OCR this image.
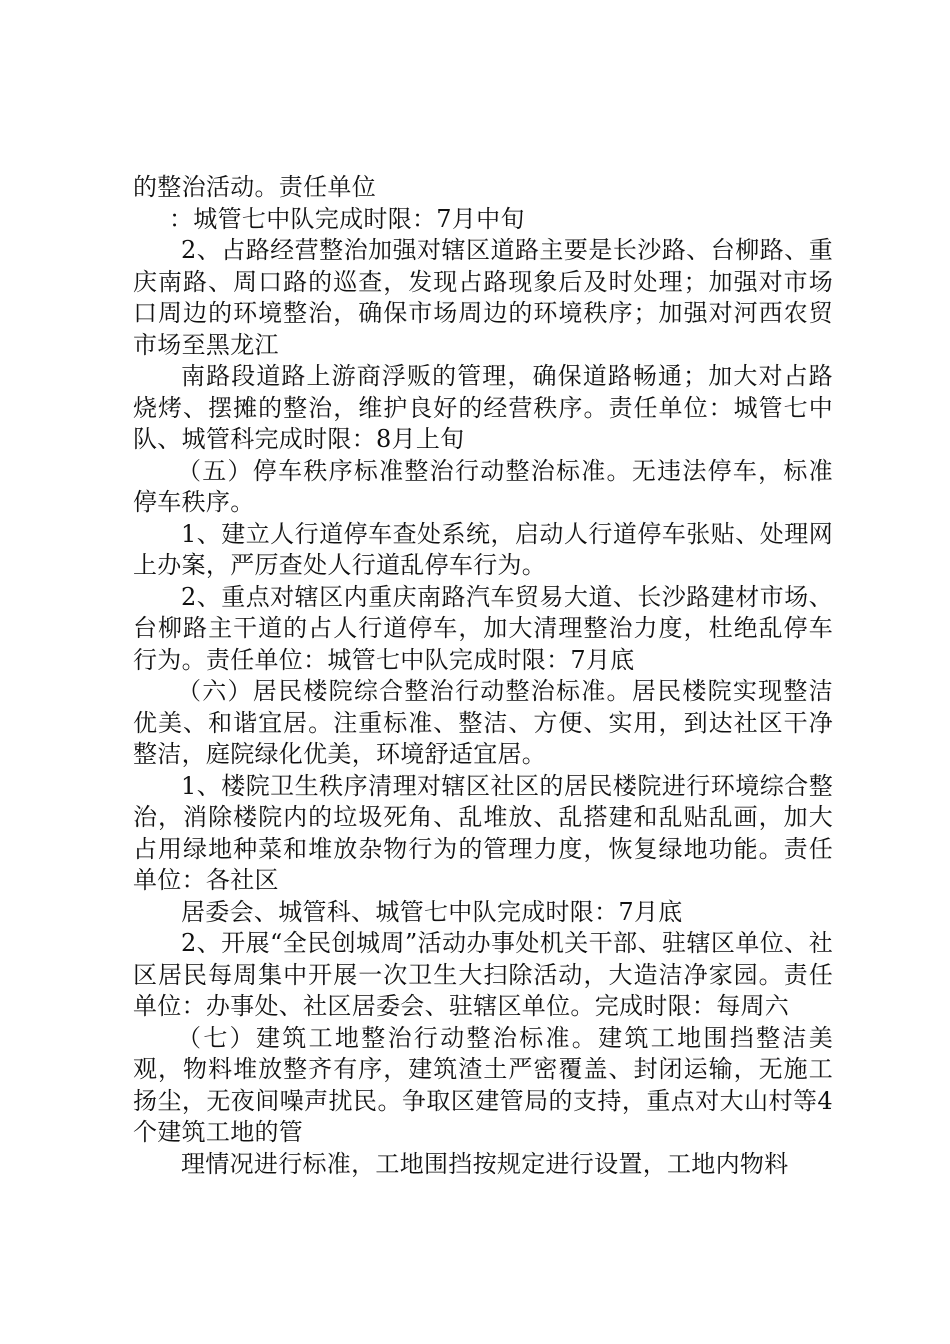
的整治活动。责任单位

：城管七中队完成时限：7月中旬

2、占路经营整治加强对辖区道路主要是长沙路、台柳路、重庆南路、周口路的巡查，发现占路现象后及时处理；加强对市场口周边的环境整治，确保市场周边的环境秩序；加强对河西农贸市场至黑龙江

南路段道路上游商浮贩的管理，确保道路畅通；加大对占路烧烤、摆摊的整治，维护良好的经营秩序。责任单位：城管七中队、城管科完成时限：8月上旬

（五）停车秩序标准整治行动整治标准。无违法停车，标准停车秩序。

1、建立人行道停车查处系统，启动人行道停车张贴、处理网上办案，严厉查处人行道乱停车行为。

2、重点对辖区内重庆南路汽车贸易大道、长沙路建材市场、台柳路主干道的占人行道停车，加大清理整治力度，杜绝乱停车行为。责任单位：城管七中队完成时限：7月底

（六）居民楼院综合整治行动整治标准。居民楼院实现整洁优美、和谐宜居。注重标准、整洁、方便、实用，到达社区干净整洁，庭院绿化优美，环境舒适宜居。

1、楼院卫生秩序清理对辖区社区的居民楼院进行环境综合整治，消除楼院内的垃圾死角、乱堆放、乱搭建和乱贴乱画，加大占用绿地种菜和堆放杂物行为的管理力度，恢复绿地功能。责任单位：各社区

居委会、城管科、城管七中队完成时限：7月底

2、开展“全民创城周”活动办事处机关干部、驻辖区单位、社区居民每周集中开展一次卫生大扫除活动，大造洁净家园。责任单位：办事处、社区居委会、驻辖区单位。完成时限：每周六

（七）建筑工地整治行动整治标准。建筑工地围挡整洁美观，物料堆放整齐有序，建筑渣土严密覆盖、封闭运输，无施工扬尘，无夜间噪声扰民。争取区建管局的支持，重点对大山村等4个建筑工地的管

理情况进行标准，工地围挡按规定进行设置，工地内物料
